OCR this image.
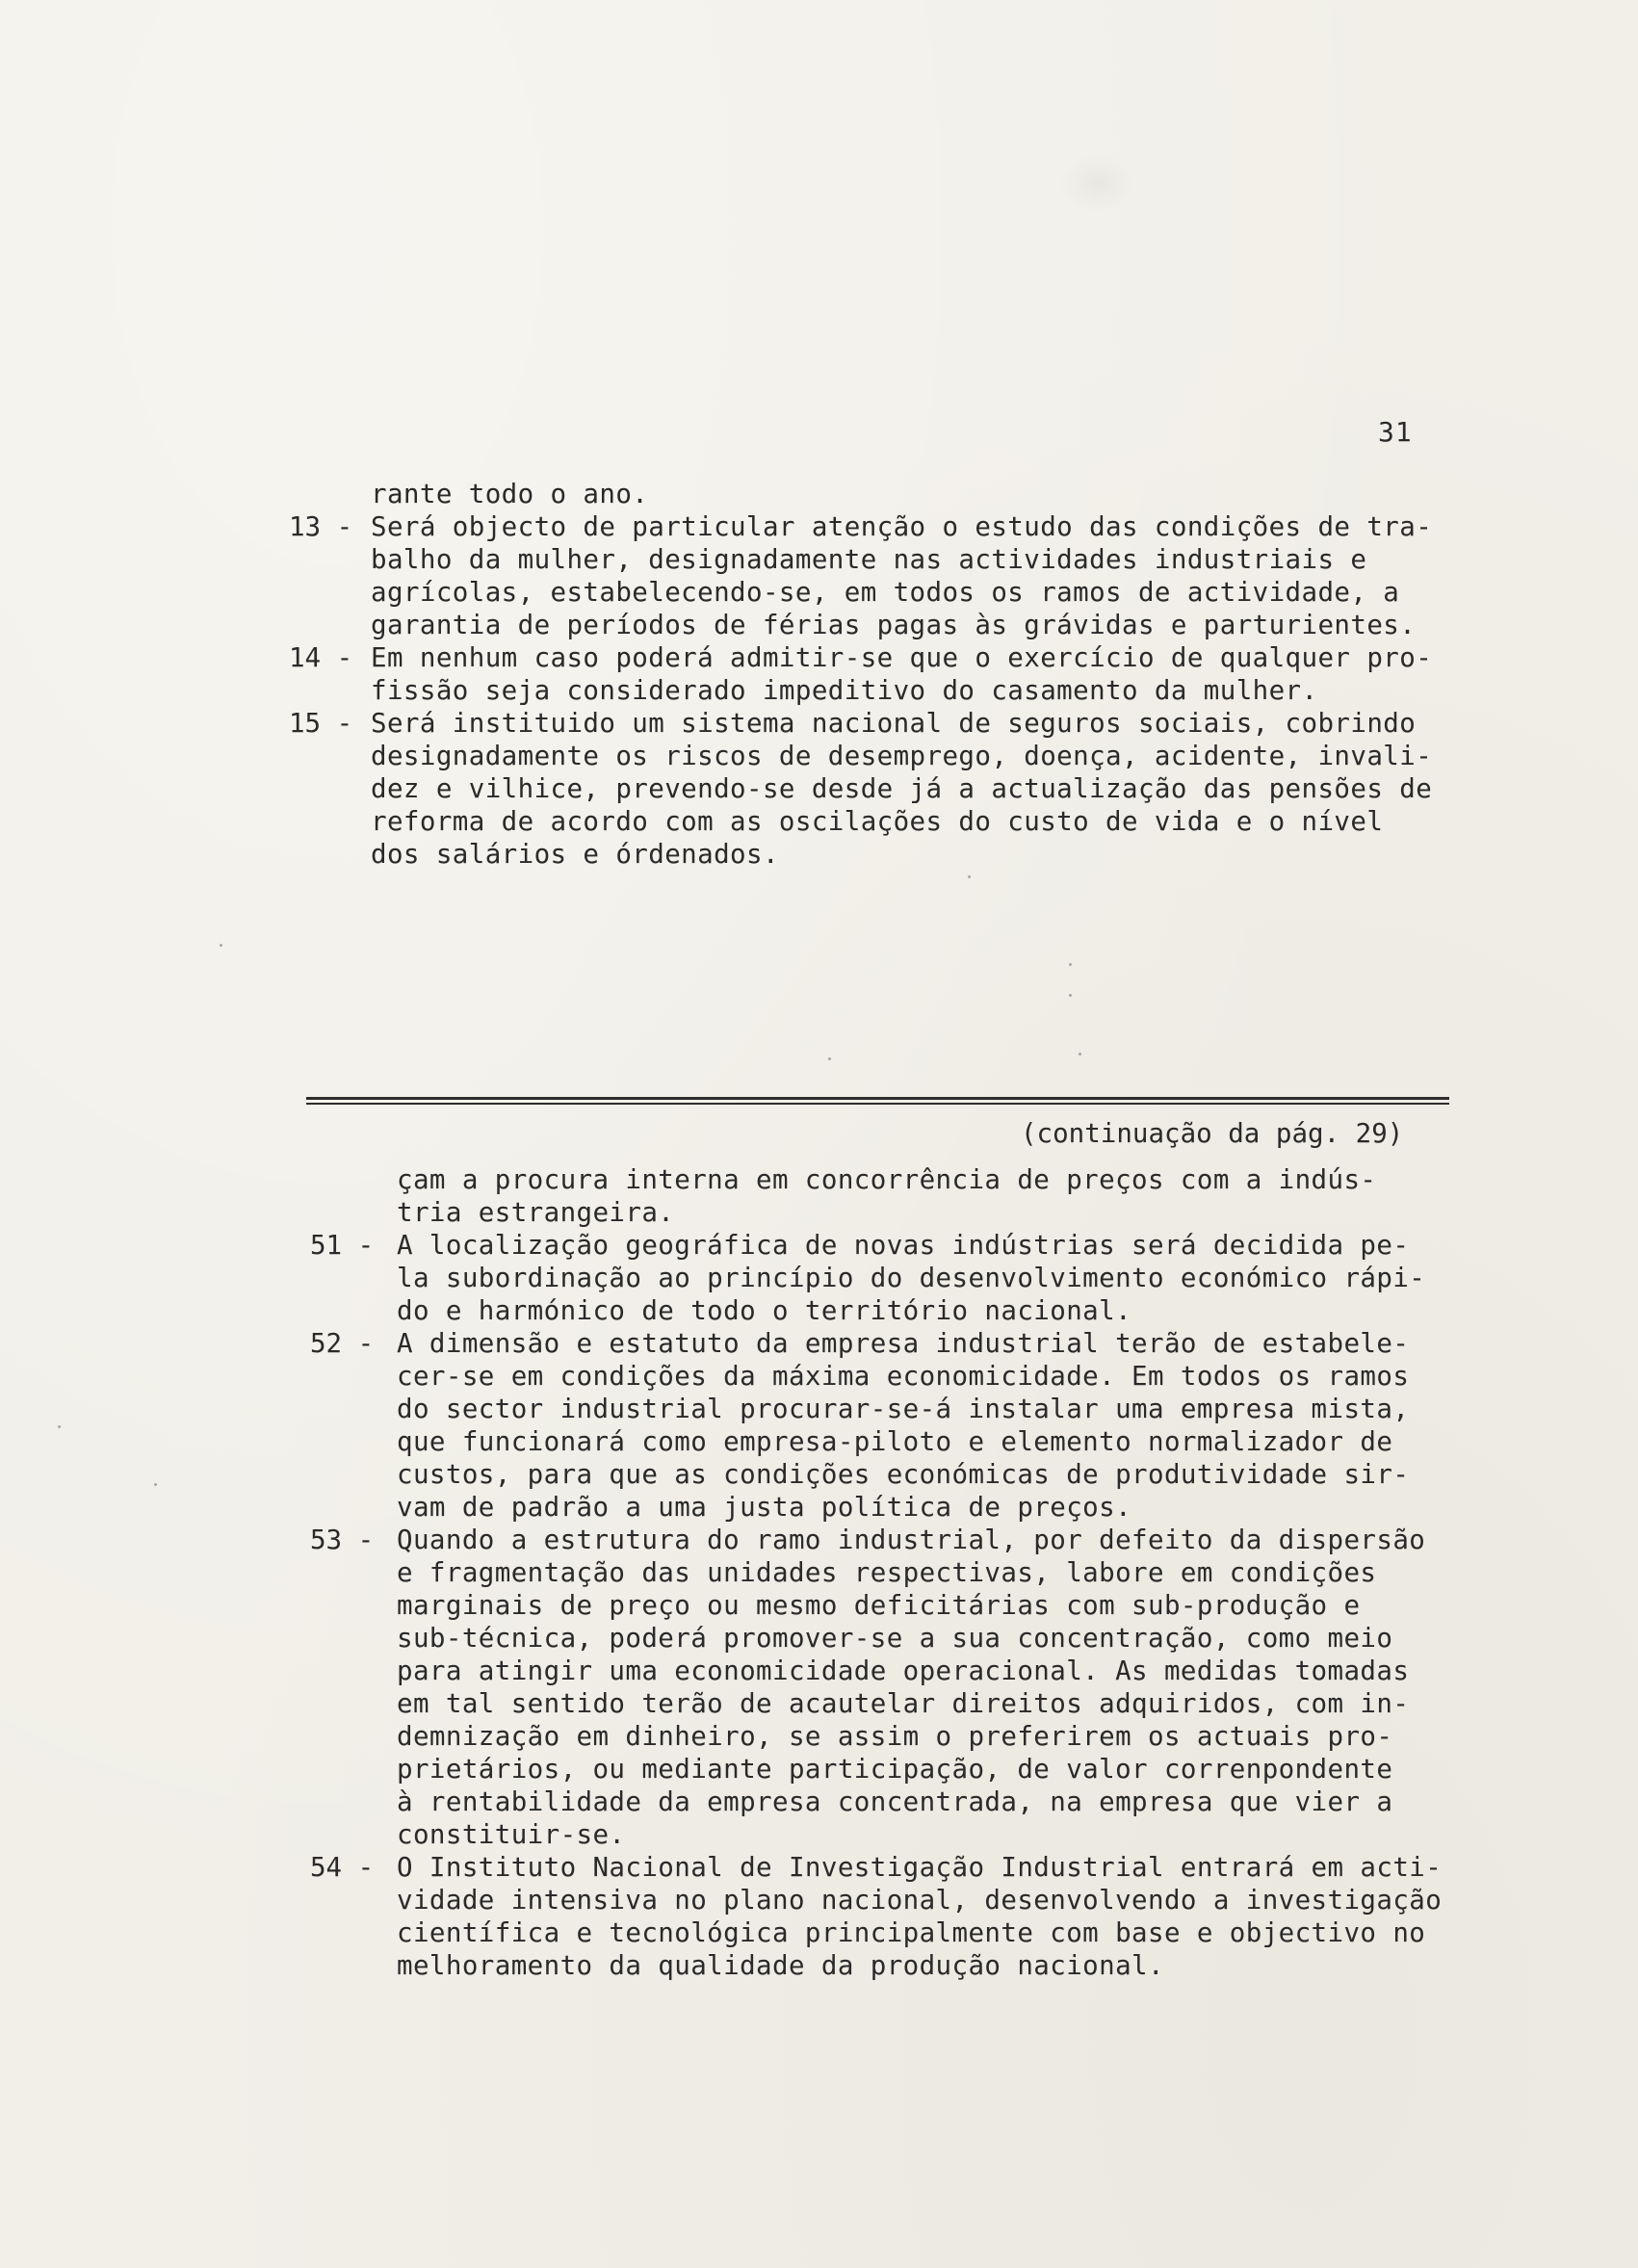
31
rante todo o ano.
13 - Será objecto de particular atenção o estudo das condições de tra-
balho da mulher, designadamente nas actividades industriais e
agrícolas, estabelecendo-se, em todos os ramos de actividade, a
garantia de períodos de férias pagas às grávidas e parturientes.
14 - Em nenhum caso poderá admitir-se que o exercício de qualquer pro-
fissão seja considerado impeditivo do casamento da mulher.
15 - Será instituido um sistema nacional de seguros sociais, cobrindo
designadamente os riscos de desemprego, doença, acidente, invali-
dez e vilhice, prevendo-se desde já a actualização das pensões de
reforma de acordo com as oscilações do custo de vida e o nível
dos salários e órdenados.
(continuação da pág. 29)
çam a procura interna em concorrência de preços com a indús-
tria estrangeira.
51 - A localização geográfica de novas indústrias será decidida pe-
la subordinação ao princípio do desenvolvimento económico rápi-
do e harmónico de todo o território nacional.
52 - A dimensão e estatuto da empresa industrial terão de estabele-
cer-se em condições da máxima economicidade. Em todos os ramos
do sector industrial procurar-se-á instalar uma empresa mista,
que funcionará como empresa-piloto e elemento normalizador de
custos, para que as condições económicas de produtividade sir-
vam de padrão a uma justa política de preços.
53 - Quando a estrutura do ramo industrial, por defeito da dispersão
e fragmentação das unidades respectivas, labore em condições
marginais de preço ou mesmo deficitárias com sub-produção e
sub-técnica, poderá promover-se a sua concentração, como meio
para atingir uma economicidade operacional. As medidas tomadas
em tal sentido terão de acautelar direitos adquiridos, com in-
demnização em dinheiro, se assim o preferirem os actuais pro-
prietários, ou mediante participação, de valor correnpondente
à rentabilidade da empresa concentrada, na empresa que vier a
constituir-se.
54 - O Instituto Nacional de Investigação Industrial entrará em acti-
vidade intensiva no plano nacional, desenvolvendo a investigação
científica e tecnológica principalmente com base e objectivo no
melhoramento da qualidade da produção nacional.
